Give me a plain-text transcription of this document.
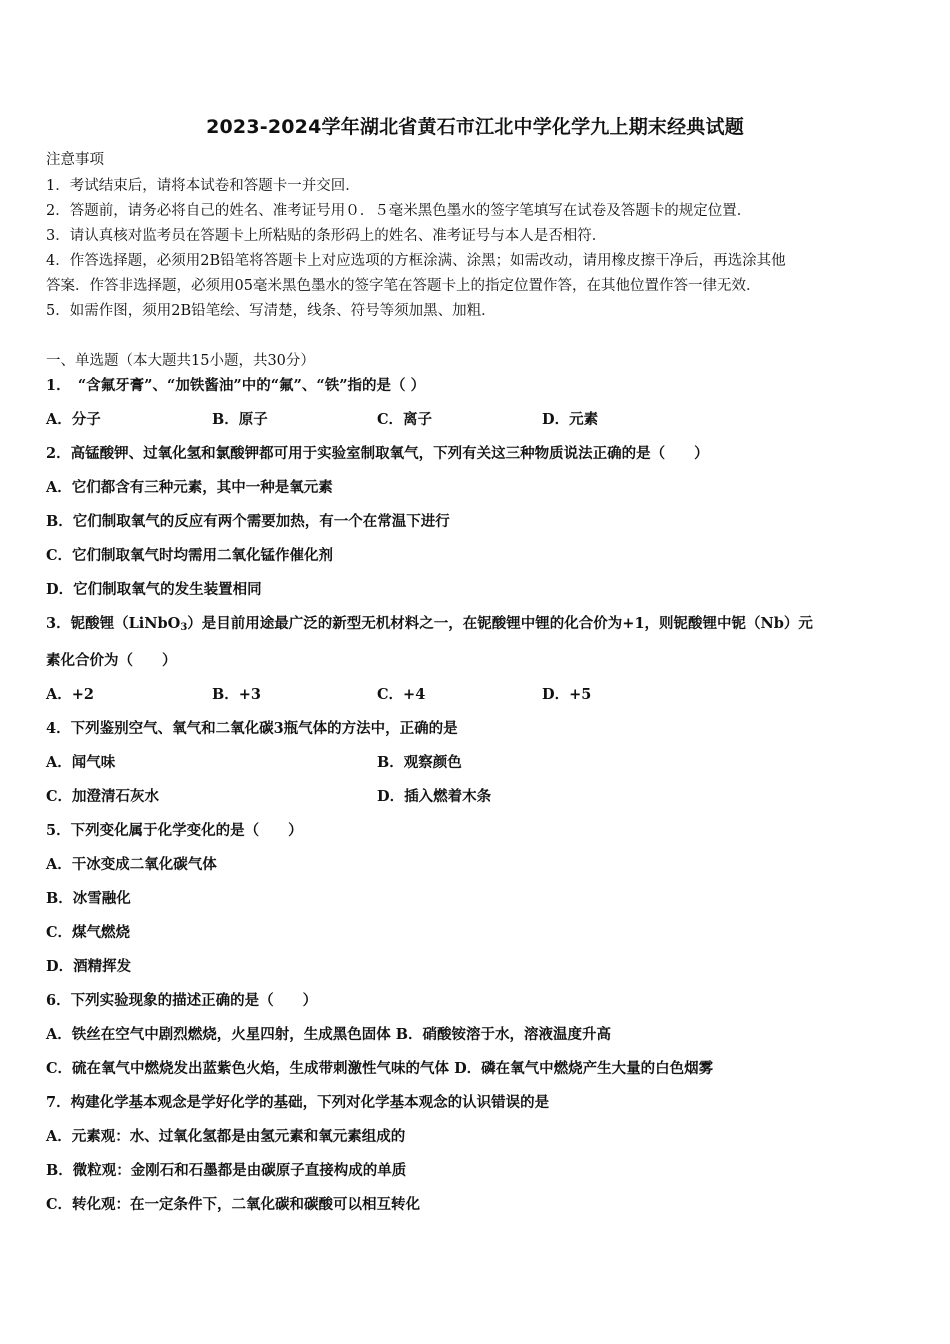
2023-2024学年湖北省黄石市江北中学化学九上期末经典试题
注意事项
1．考试结束后，请将本试卷和答题卡一并交回．
2．答题前，请务必将自己的姓名、准考证号用０．５毫米黑色墨水的签字笔填写在试卷及答题卡的规定位置．
3．请认真核对监考员在答题卡上所粘贴的条形码上的姓名、准考证号与本人是否相符．
4．作答选择题，必须用2B铅笔将答题卡上对应选项的方框涂满、涂黑；如需改动，请用橡皮擦干净后，再选涂其他
答案．作答非选择题，必须用05毫米黑色墨水的签字笔在答题卡上的指定位置作答，在其他位置作答一律无效．
5．如需作图，须用2B铅笔绘、写清楚，线条、符号等须加黑、加粗．
一、单选题（本大题共15小题，共30分）
1．　“含氟牙膏”、“加铁酱油”中的“氟”、“铁”指的是（ ）
A．分子	B．原子	C．离子	D．元素
2．高锰酸钾、过氧化氢和氯酸钾都可用于实验室制取氧气，下列有关这三种物质说法正确的是（　　）
A．它们都含有三种元素，其中一种是氧元素
B．它们制取氧气的反应有两个需要加热，有一个在常温下进行
C．它们制取氧气时均需用二氧化锰作催化剂
D．它们制取氧气的发生装置相同
3．铌酸锂（LiNbO$_3$）是目前用途最广泛的新型无机材料之一，在铌酸锂中锂的化合价为+1，则铌酸锂中铌（Nb）元
素化合价为（　　）
A．+2	B．+3	C．+4	D．+5
4．下列鉴别空气、氧气和二氧化碳3瓶气体的方法中，正确的是
A．闻气味	B．观察颜色
C．加澄清石灰水	D．插入燃着木条
5．下列变化属于化学变化的是（　　）
A．干冰变成二氧化碳气体
B．冰雪融化
C．煤气燃烧
D．酒精挥发
6．下列实验现象的描述正确的是（　　）
A．铁丝在空气中剧烈燃烧，火星四射，生成黑色固体 B．硝酸铵溶于水，溶液温度升高
C．硫在氧气中燃烧发出蓝紫色火焰，生成带刺激性气味的气体 D．磷在氧气中燃烧产生大量的白色烟雾
7．构建化学基本观念是学好化学的基础，下列对化学基本观念的认识错误的是
A．元素观：水、过氧化氢都是由氢元素和氧元素组成的
B．微粒观：金刚石和石墨都是由碳原子直接构成的单质
C．转化观：在一定条件下，二氧化碳和碳酸可以相互转化
